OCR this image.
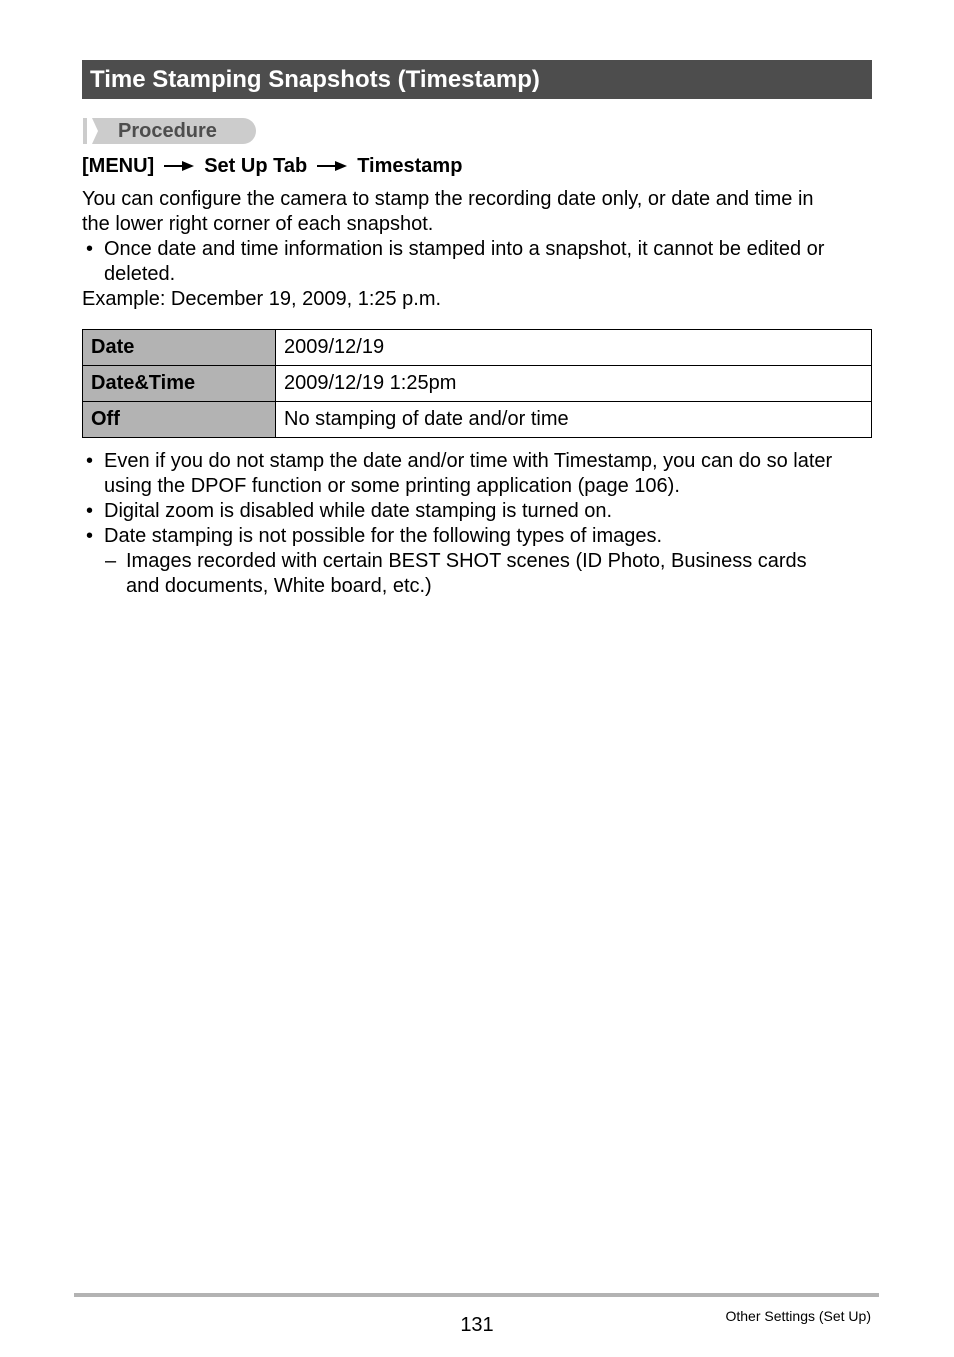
Time Stamping Snapshots (Timestamp)
Procedure
[MENU]	Set Up Tab	Timestamp
You can configure the camera to stamp the recording date only, or date and time in
the lower right corner of each snapshot.
• Once date and time information is stamped into a snapshot, it cannot be edited or
deleted.
Example: December 19, 2009, 1:25 p.m.
Date	2009/12/19
Date&Time	2009/12/19 1:25pm
Off	No stamping of date and/or time
• Even if you do not stamp the date and/or time with Timestamp, you can do so later
using the DPOF function or some printing application (page 106).
• Digital zoom is disabled while date stamping is turned on.
• Date stamping is not possible for the following types of images.
– Images recorded with certain BEST SHOT scenes (ID Photo, Business cards
and documents, White board, etc.)
131	Other Settings (Set Up)
